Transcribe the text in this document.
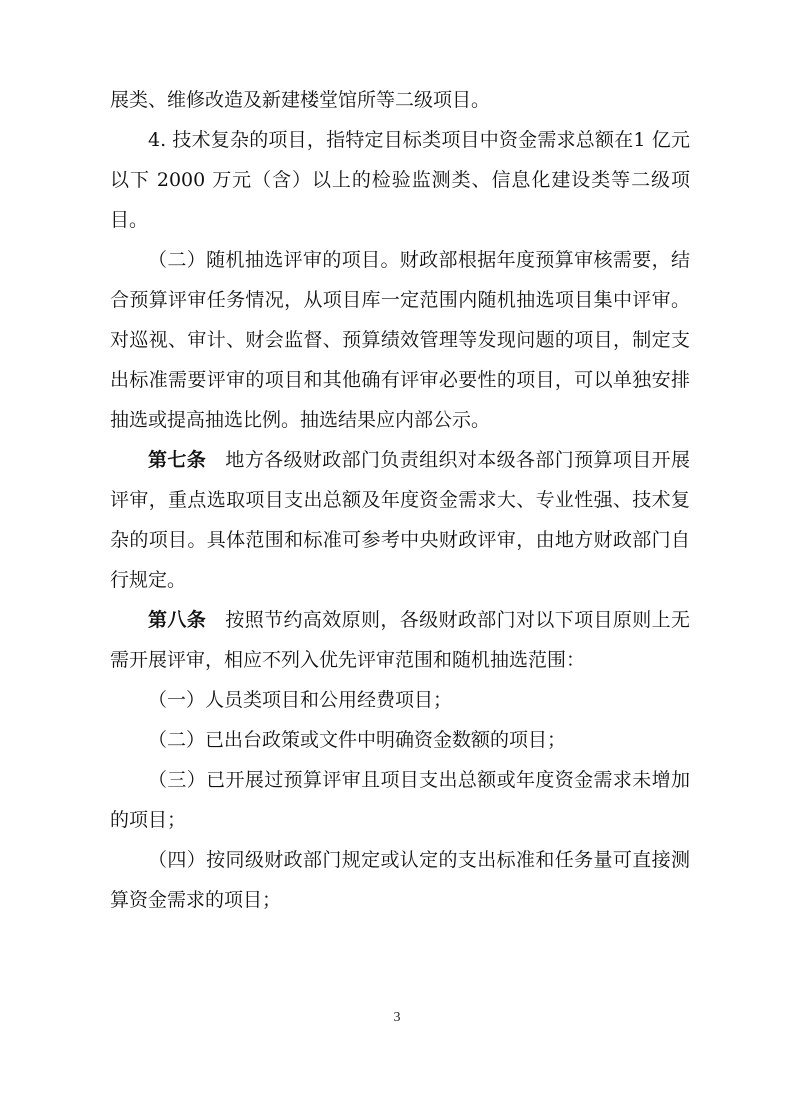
展类、维修改造及新建楼堂馆所等二级项目。

4. 技术复杂的项目，指特定目标类项目中资金需求总额在1 亿元以下 2000 万元（含）以上的检验监测类、信息化建设类等二级项目。

（二）随机抽选评审的项目。财政部根据年度预算审核需要，结合预算评审任务情况，从项目库一定范围内随机抽选项目集中评审。对巡视、审计、财会监督、预算绩效管理等发现问题的项目，制定支出标准需要评审的项目和其他确有评审必要性的项目，可以单独安排抽选或提高抽选比例。抽选结果应内部公示。

第七条 地方各级财政部门负责组织对本级各部门预算项目开展评审，重点选取项目支出总额及年度资金需求大、专业性强、技术复杂的项目。具体范围和标准可参考中央财政评审，由地方财政部门自行规定。

第八条 按照节约高效原则，各级财政部门对以下项目原则上无需开展评审，相应不列入优先评审范围和随机抽选范围：

（一）人员类项目和公用经费项目；

（二）已出台政策或文件中明确资金数额的项目；

（三）已开展过预算评审且项目支出总额或年度资金需求未增加的项目；

（四）按同级财政部门规定或认定的支出标准和任务量可直接测算资金需求的项目；

3
